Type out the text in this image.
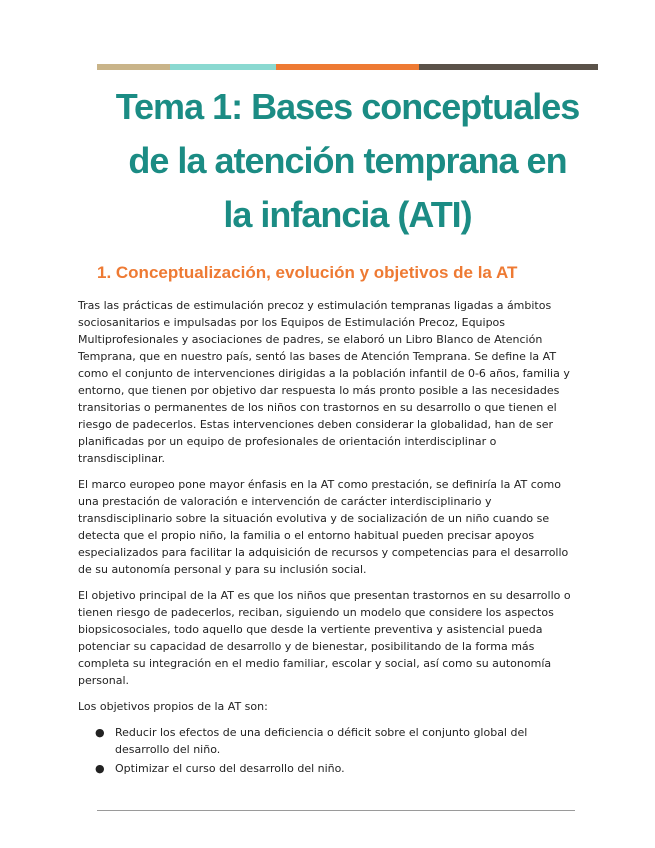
Tema 1: Bases conceptuales
de la atención temprana en
la infancia (ATI)
1. Conceptualización, evolución y objetivos de la AT

Tras las prácticas de estimulación precoz y estimulación tempranas ligadas a ámbitos sociosanitarios e impulsadas por los Equipos de Estimulación Precoz, Equipos Multiprofesionales y asociaciones de padres, se elaboró un Libro Blanco de Atención Temprana, que en nuestro país, sentó las bases de Atención Temprana. Se define la AT como el conjunto de intervenciones dirigidas a la población infantil de 0-6 años, familia y entorno, que tienen por objetivo dar respuesta lo más pronto posible a las necesidades transitorias o permanentes de los niños con trastornos en su desarrollo o que tienen el riesgo de padecerlos. Estas intervenciones deben considerar la globalidad, han de ser planificadas por un equipo de profesionales de orientación interdisciplinar o transdisciplinar.

El marco europeo pone mayor énfasis en la AT como prestación, se definiría la AT como una prestación de valoración e intervención de carácter interdisciplinario y transdisciplinario sobre la situación evolutiva y de socialización de un niño cuando se detecta que el propio niño, la familia o el entorno habitual pueden precisar apoyos especializados para facilitar la adquisición de recursos y competencias para el desarrollo de su autonomía personal y para su inclusión social.

El objetivo principal de la AT es que los niños que presentan trastornos en su desarrollo o tienen riesgo de padecerlos, reciban, siguiendo un modelo que considere los aspectos biopsicosociales, todo aquello que desde la vertiente preventiva y asistencial pueda potenciar su capacidad de desarrollo y de bienestar, posibilitando de la forma más completa su integración en el medio familiar, escolar y social, así como su autonomía personal.

Los objetivos propios de la AT son:

● Reducir los efectos de una deficiencia o déficit sobre el conjunto global del desarrollo del niño.
● Optimizar el curso del desarrollo del niño.
